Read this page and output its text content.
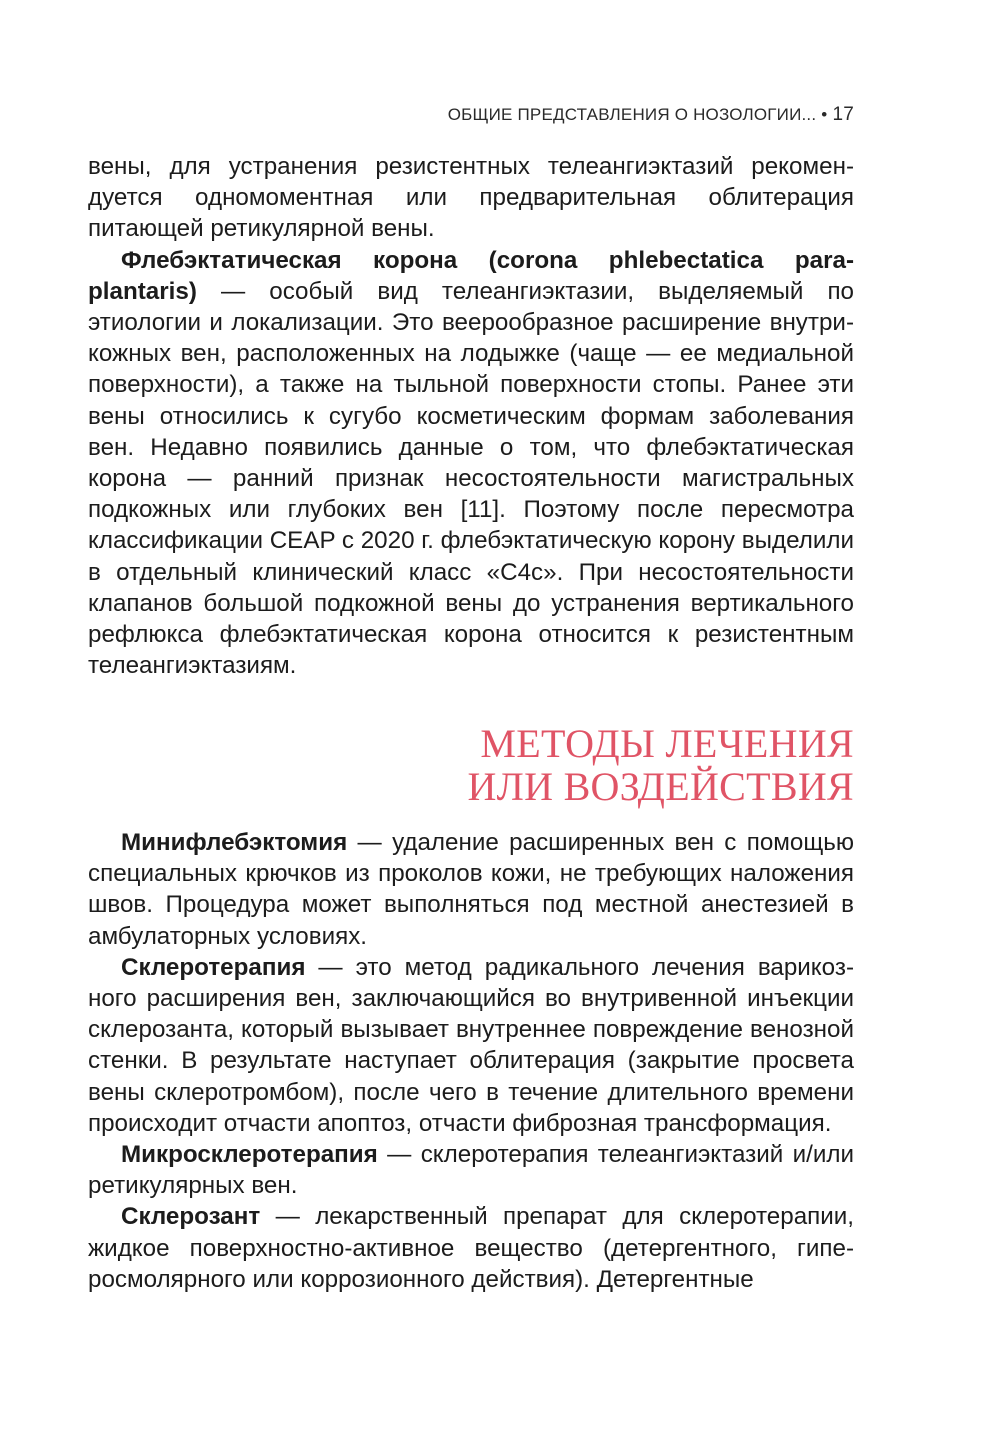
ОБЩИЕ ПРЕДСТАВЛЕНИЯ О НОЗОЛОГИИ... • 17

вены, для устранения резистентных телеангиэктазий рекомендуется одномоментная или предварительная облитерация питающей ретикулярной вены.

Флебэктатическая корона (corona phlebectatica paraplantaris) — особый вид телеангиэктазии, выделяемый по этиологии и локализации. Это веерообразное расширение внутрикожных вен, расположенных на лодыжке (чаще — ее медиальной поверхности), а также на тыльной поверхности стопы. Ранее эти вены относились к сугубо косметическим формам заболевания вен. Недавно появились данные о том, что флебэктатическая корона — ранний признак несостоятельности магистральных подкожных или глубоких вен [11]. Поэтому после пересмотра классификации CEAP с 2020 г. флебэктатическую корону выделили в отдельный клинический класс «C4c». При несостоятельности клапанов большой подкожной вены до устранения вертикального рефлюкса флебэктатическая корона относится к резистентным телеангиэктазиям.

МЕТОДЫ ЛЕЧЕНИЯ
ИЛИ ВОЗДЕЙСТВИЯ

Минифлебэктомия — удаление расширенных вен с помощью специальных крючков из проколов кожи, не требующих наложения швов. Процедура может выполняться под местной анестезией в амбулаторных условиях.

Склеротерапия — это метод радикального лечения варикозного расширения вен, заключающийся во внутривенной инъекции склерозанта, который вызывает внутреннее повреждение венозной стенки. В результате наступает облитерация (закрытие просвета вены склеротромбом), после чего в течение длительного времени происходит отчасти апоптоз, отчасти фиброзная трансформация.

Микросклеротерапия — склеротерапия телеангиэктазий и/или ретикулярных вен.

Склерозант — лекарственный препарат для склеротерапии, жидкое поверхностно-активное вещество (детергентного, гиперосмолярного или коррозионного действия). Детергентные
